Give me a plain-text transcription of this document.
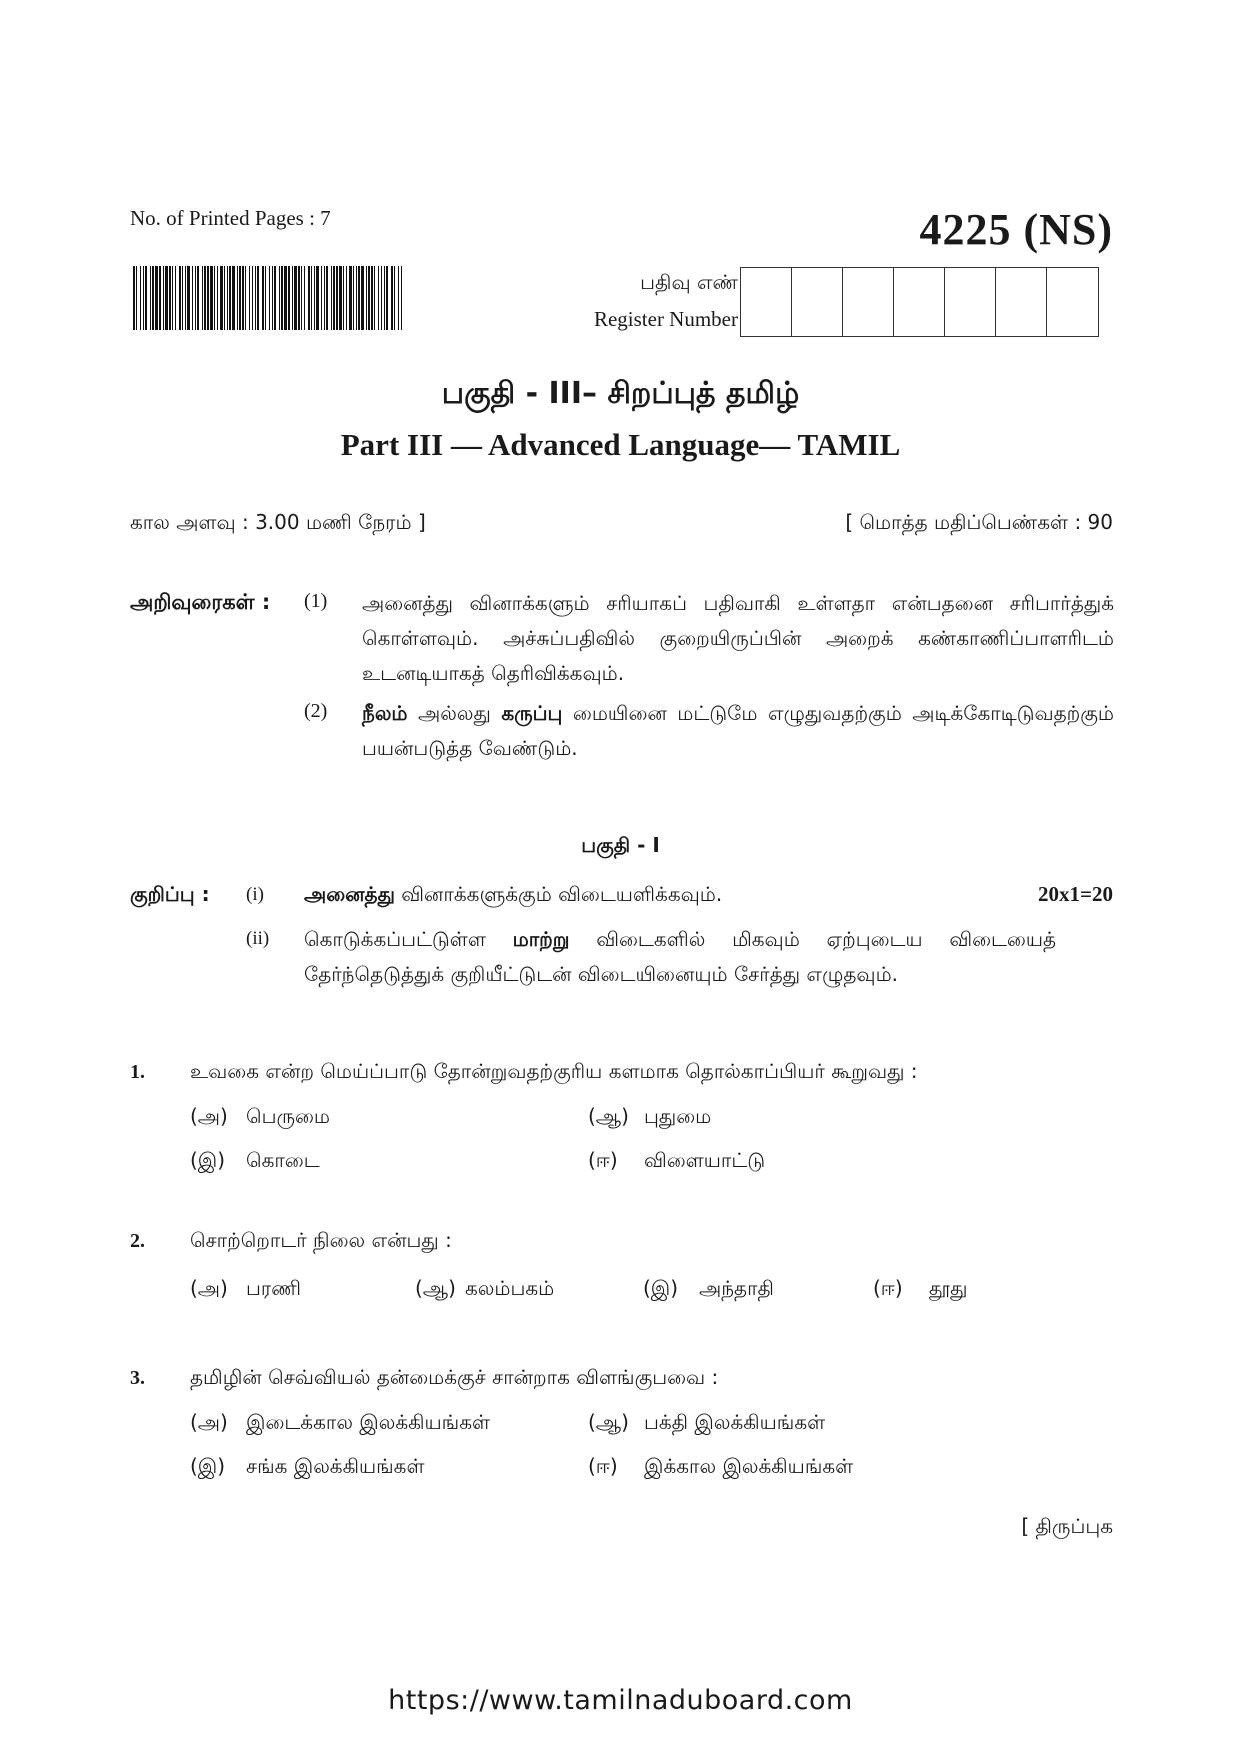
No. of Printed Pages : 7	4225 (NS)
பதிவு எண்
Register Number
பகுதி - III– சிறப்புத் தமிழ்
Part III — Advanced Language— TAMIL
கால அளவு : 3.00 மணி நேரம் ]	[ மொத்த மதிப்பெண்கள் : 90
அறிவுரைகள் : (1) அனைத்து வினாக்களும் சரியாகப் பதிவாகி உள்ளதா என்பதனை சரிபார்த்துக் கொள்ளவும். அச்சுப்பதிவில் குறையிருப்பின் அறைக் கண்காணிப்பாளரிடம் உடனடியாகத் தெரிவிக்கவும்.
(2) நீலம் அல்லது கருப்பு மையினை மட்டுமே எழுதுவதற்கும் அடிக்கோடிடுவதற்கும் பயன்படுத்த வேண்டும்.
பகுதி - I
குறிப்பு : (i) அனைத்து வினாக்களுக்கும் விடையளிக்கவும்.	20x1=20
(ii) கொடுக்கப்பட்டுள்ள மாற்று விடைகளில் மிகவும் ஏற்புடைய விடையைத் தேர்ந்தெடுத்துக் குறியீட்டுடன் விடையினையும் சேர்த்து எழுதவும்.
1. உவகை என்ற மெய்ப்பாடு தோன்றுவதற்குரிய களமாக தொல்காப்பியர் கூறுவது :
(அ) பெருமை	(ஆ) புதுமை
(இ) கொடை	(ஈ) விளையாட்டு
2. சொற்றொடர் நிலை என்பது :
(அ) பரணி	(ஆ) கலம்பகம்	(இ) அந்தாதி	(ஈ) தூது
3. தமிழின் செவ்வியல் தன்மைக்குச் சான்றாக விளங்குபவை :
(அ) இடைக்கால இலக்கியங்கள்	(ஆ) பக்தி இலக்கியங்கள்
(இ) சங்க இலக்கியங்கள்	(ஈ) இக்கால இலக்கியங்கள்
[ திருப்புக
https://www.tamilnaduboard.com
